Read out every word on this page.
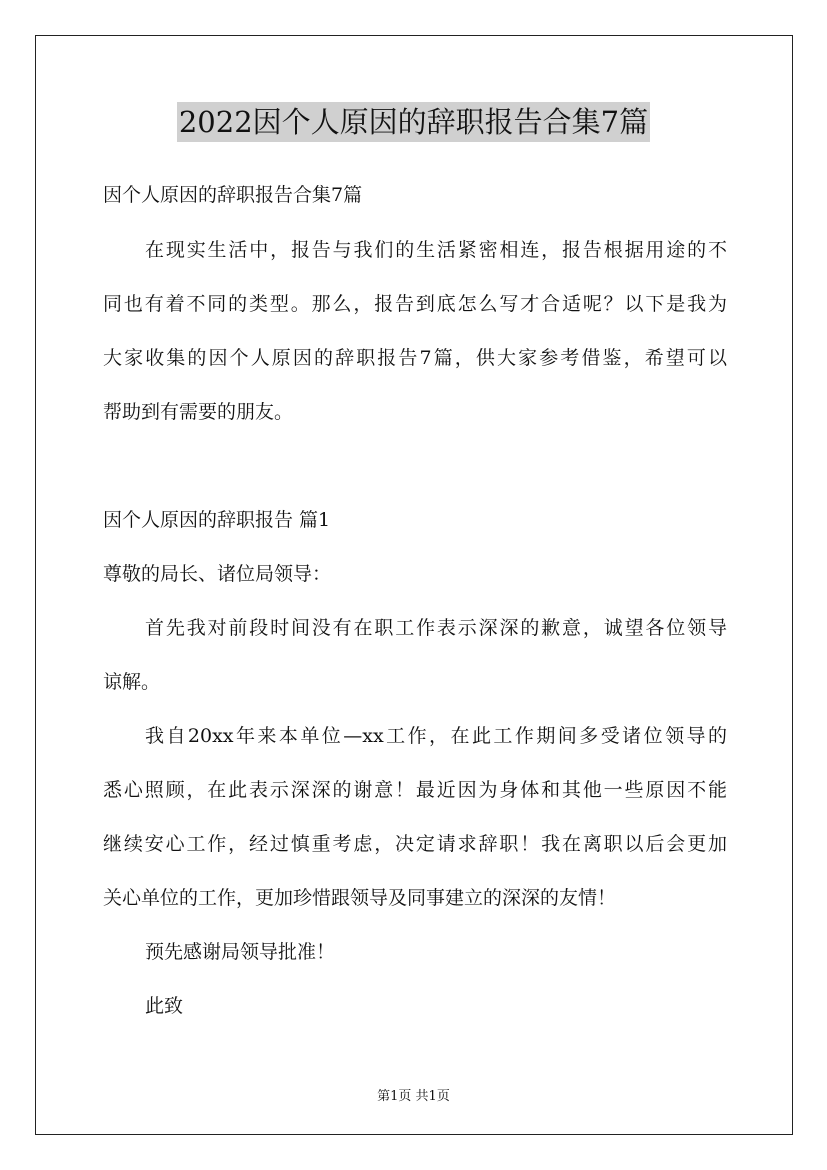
2022因个人原因的辞职报告合集7篇

因个人原因的辞职报告合集7篇

在现实生活中，报告与我们的生活紧密相连，报告根据用途的不

同也有着不同的类型。那么，报告到底怎么写才合适呢？以下是我为

大家收集的因个人原因的辞职报告7篇，供大家参考借鉴，希望可以

帮助到有需要的朋友。

因个人原因的辞职报告 篇1

尊敬的局长、诸位局领导：

首先我对前段时间没有在职工作表示深深的歉意，诚望各位领导

谅解。

我自20xx年来本单位—xx工作，在此工作期间多受诸位领导的

悉心照顾，在此表示深深的谢意！最近因为身体和其他一些原因不能

继续安心工作，经过慎重考虑，决定请求辞职！我在离职以后会更加

关心单位的工作，更加珍惜跟领导及同事建立的深深的友情！

预先感谢局领导批准！

此致

第1页 共1页
